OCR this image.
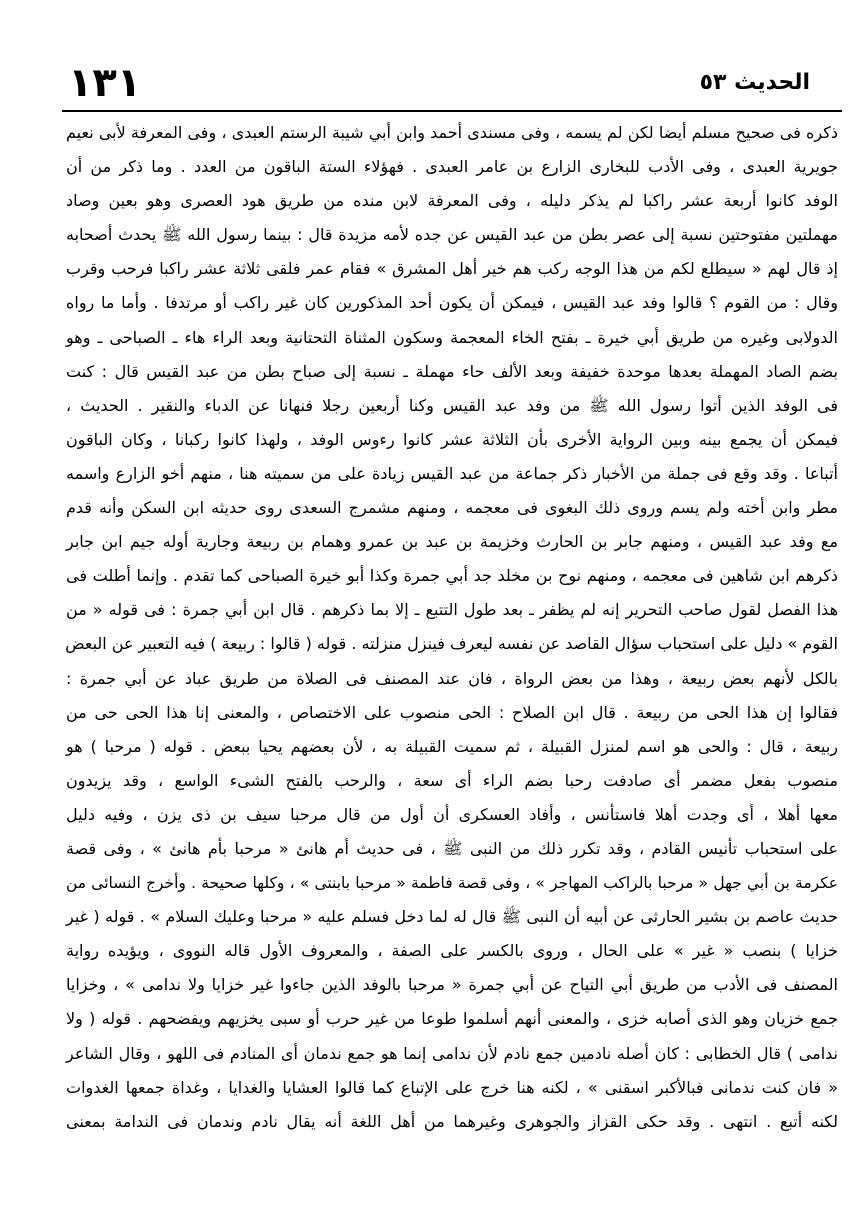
الحديث ٥٣
١٣١
ذكره فى صحيح مسلم أيضا لكن لم يسمه ، وفى مسندى أحمد وابن أبي شيبة الرستم العبدى ، وفى المعرفة لأبى نعيم
جويرية العبدى ، وفى الأدب للبخارى الزارع بن عامر العبدى . فهؤلاء الستة الباقون من العدد . وما ذكر من أن
الوفد كانوا أربعة عشر راكبا لم يذكر دليله ، وفى المعرفة لابن منده من طريق هود العصرى وهو بعين وصاد
مهملتين مفتوحتين نسبة إلى عصر بطن من عبد القيس عن جده لأمه مزيدة قال : بينما رسول الله ﷺ يحدث أصحابه
إذ قال لهم « سيطلع لكم من هذا الوجه ركب هم خير أهل المشرق » فقام عمر فلقى ثلاثة عشر راكبا فرحب وقرب
وقال : من القوم ؟ قالوا وفد عبد القيس ، فيمكن أن يكون أحد المذكورين كان غير راكب أو مرتدفا . وأما ما رواه
الدولابى وغيره من طريق أبي خيرة ـ بفتح الخاء المعجمة وسكون المثناة التحتانية وبعد الراء هاء ـ الصباحى ـ وهو
بضم الصاد المهملة بعدها موحدة خفيفة وبعد الألف حاء مهملة ـ نسبة إلى صباح بطن من عبد القيس قال : كنت
فى الوفد الذين أتوا رسول الله ﷺ من وفد عبد القيس وكنا أربعين رجلا فنهانا عن الدباء والنقير . الحديث ،
فيمكن أن يجمع بينه وبين الرواية الأخرى بأن الثلاثة عشر كانوا رءوس الوفد ، ولهذا كانوا ركبانا ، وكان الباقون
أتباعا . وقد وقع فى جملة من الأخبار ذكر جماعة من عبد القيس زيادة على من سميته هنا ، منهم أخو الزارع واسمه
مطر وابن أخته ولم يسم وروى ذلك البغوى فى معجمه ، ومنهم مشمرج السعدى روى حديثه ابن السكن وأنه قدم
مع وفد عبد القيس ، ومنهم جابر بن الحارث وخزيمة بن عبد بن عمرو وهمام بن ربيعة وجارية أوله جيم ابن جابر
ذكرهم ابن شاهين فى معجمه ، ومنهم نوح بن مخلد جد أبي جمرة وكذا أبو خيرة الصباحى كما تقدم . وإنما أطلت فى
هذا الفصل لقول صاحب التحرير إنه لم يظفر ـ بعد طول التتبع ـ إلا بما ذكرهم . قال ابن أبي جمرة : فى قوله « من
القوم » دليل على استحباب سؤال القاصد عن نفسه ليعرف فينزل منزلته . قوله ( قالوا : ربيعة ) فيه التعبير عن البعض
بالكل لأنهم بعض ربيعة ، وهذا من بعض الرواة ، فان عند المصنف فى الصلاة من طريق عباد عن أبي جمرة :
فقالوا إن هذا الحى من ربيعة . قال ابن الصلاح : الحى منصوب على الاختصاص ، والمعنى إنا هذا الحى حى من
ربيعة ، قال : والحى هو اسم لمنزل القبيلة ، ثم سميت القبيلة به ، لأن بعضهم يحيا ببعض . قوله ( مرحبا ) هو
منصوب بفعل مضمر أى صادفت رحبا بضم الراء أى سعة ، والرحب بالفتح الشىء الواسع ، وقد يزيدون
معها أهلا ، أى وجدت أهلا فاستأنس ، وأفاد العسكرى أن أول من قال مرحبا سيف بن ذى يزن ، وفيه دليل
على استحباب تأنيس القادم ، وقد تكرر ذلك من النبى ﷺ ، فى حديث أم هانئ « مرحبا بأم هانئ » ، وفى قصة
عكرمة بن أبي جهل « مرحبا بالراكب المهاجر » ، وفى قصة فاطمة « مرحبا بابنتى » ، وكلها صحيحة . وأخرج النسائى من
حديث عاصم بن بشير الحارثى عن أبيه أن النبى ﷺ قال له لما دخل فسلم عليه « مرحبا وعليك السلام » . قوله ( غير
خزايا ) بنصب « غير » على الحال ، وروى بالكسر على الصفة ، والمعروف الأول قاله النووى ، ويؤيده رواية
المصنف فى الأدب من طريق أبي التياح عن أبي جمرة « مرحبا بالوفد الذين جاءوا غير خزايا ولا ندامى » ، وخزايا
جمع خزيان وهو الذى أصابه خزى ، والمعنى أنهم أسلموا طوعا من غير حرب أو سبى يخزيهم ويفضحهم . قوله ( ولا
ندامى ) قال الخطابى : كان أصله نادمين جمع نادم لأن ندامى إنما هو جمع ندمان أى المنادم فى اللهو ، وقال الشاعر
« فان كنت ندمانى فبالأكبر اسقنى » ، لكنه هنا خرج على الإتباع كما قالوا العشايا والغدايا ، وغداة جمعها الغدوات
لكنه أتبع . انتهى . وقد حكى القزاز والجوهرى وغيرهما من أهل اللغة أنه يقال نادم وندمان فى الندامة بمعنى
